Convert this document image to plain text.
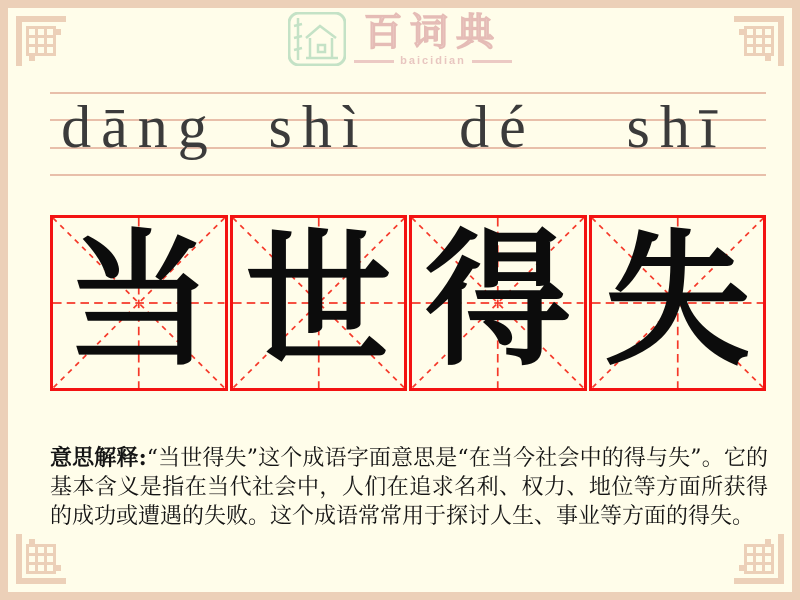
百词典
baicidian
dāng shì	dé	shī
当 世 得 失

意思解释:“当世得失”这个成语字面意思是“在当今社会中的得与失”。它的基本含义是指在当代社会中，人们在追求名利、权力、地位等方面所获得的成功或遭遇的失败。这个成语常常用于探讨人生、事业等方面的得失。
